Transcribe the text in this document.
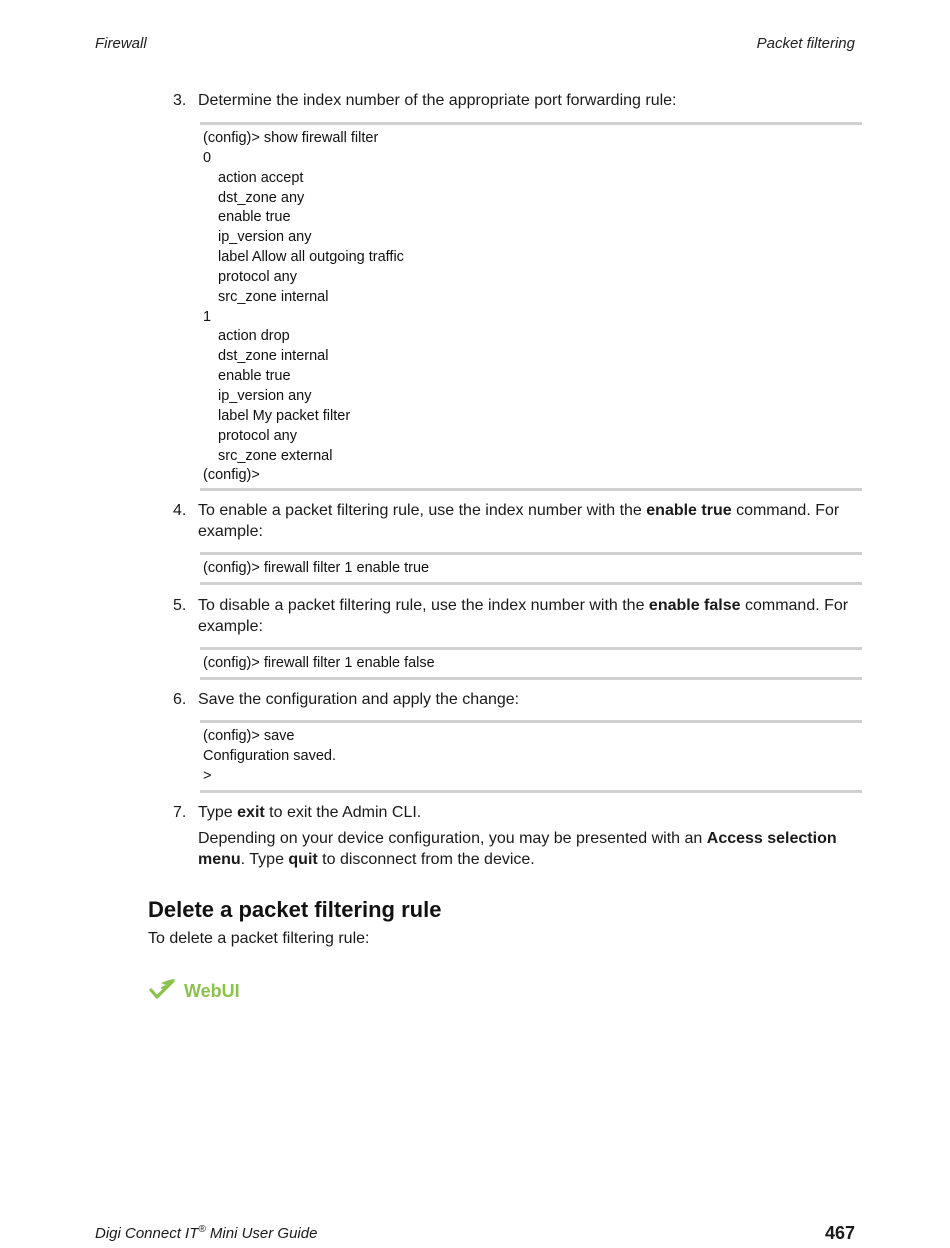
Firewall	Packet filtering
3. Determine the index number of the appropriate port forwarding rule:
(config)> show firewall filter
0
action accept
dst_zone any
enable true
ip_version any
label Allow all outgoing traffic
protocol any
src_zone internal
1
action drop
dst_zone internal
enable true
ip_version any
label My packet filter
protocol any
src_zone external
(config)>
4. To enable a packet filtering rule, use the index number with the enable true command. For example:
(config)> firewall filter 1 enable true
5. To disable a packet filtering rule, use the index number with the enable false command. For example:
(config)> firewall filter 1 enable false
6. Save the configuration and apply the change:
(config)> save
Configuration saved.
>
7. Type exit to exit the Admin CLI.
Depending on your device configuration, you may be presented with an Access selection menu. Type quit to disconnect from the device.
Delete a packet filtering rule
To delete a packet filtering rule:
WebUI
Digi Connect IT® Mini User Guide	467
